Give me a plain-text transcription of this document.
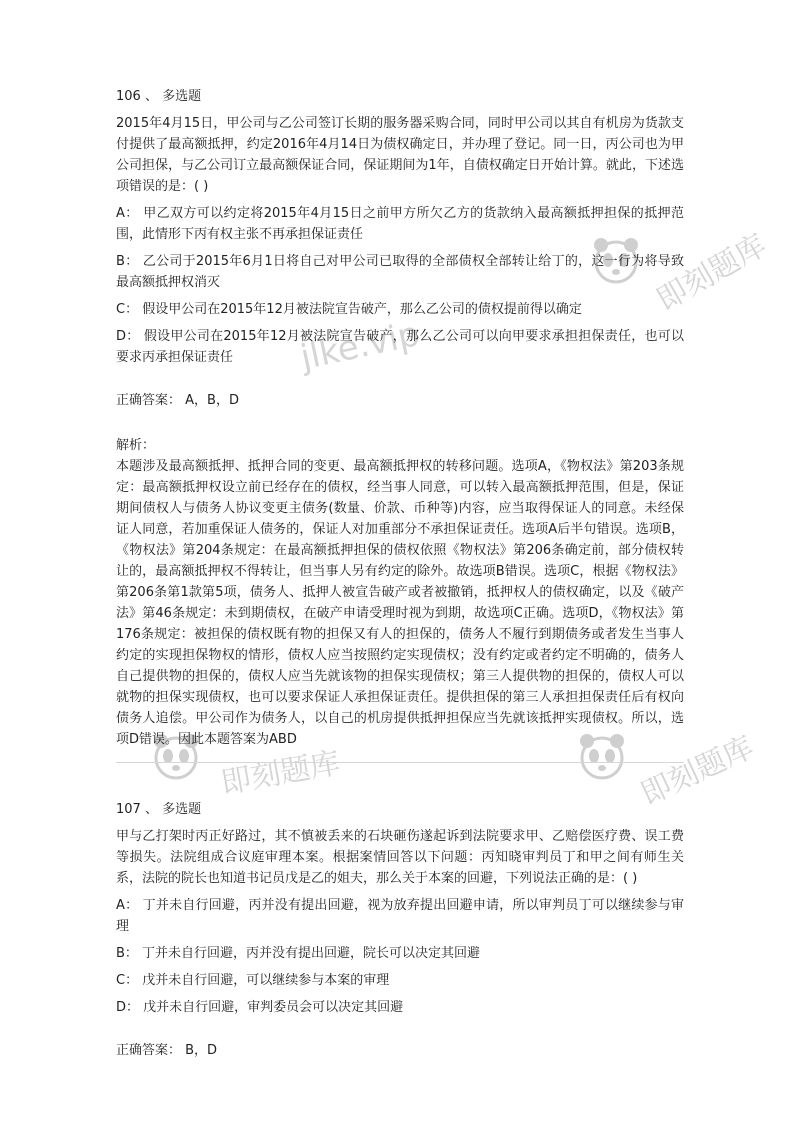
即刻题库
jlke.vip
即刻题库	即刻题库

106 、 多选题

2015年4月15日，甲公司与乙公司签订长期的服务器采购合同，同时甲公司以其自有机房为货款支付提供了最高额抵押，约定2016年4月14日为债权确定日，并办理了登记。同一日，丙公司也为甲公司担保，与乙公司订立最高额保证合同，保证期间为1年，自债权确定日开始计算。就此，下述选项错误的是：( )

A： 甲乙双方可以约定将2015年4月15日之前甲方所欠乙方的货款纳入最高额抵押担保的抵押范围，此情形下丙有权主张不再承担保证责任

B： 乙公司于2015年6月1日将自己对甲公司已取得的全部债权全部转让给丁的，这一行为将导致最高额抵押权消灭

C： 假设甲公司在2015年12月被法院宣告破产，那么乙公司的债权提前得以确定

D： 假设甲公司在2015年12月被法院宣告破产，那么乙公司可以向甲要求承担担保责任，也可以要求丙承担保证责任

正确答案： A，B，D

解析：

本题涉及最高额抵押、抵押合同的变更、最高额抵押权的转移问题。选项A，《物权法》第203条规定：最高额抵押权设立前已经存在的债权，经当事人同意，可以转入最高额抵押范围，但是，保证期间债权人与债务人协议变更主债务(数量、价款、币种等)内容，应当取得保证人的同意。未经保证人同意，若加重保证人债务的，保证人对加重部分不承担保证责任。选项A后半句错误。选项B，《物权法》第204条规定：在最高额抵押担保的债权依照《物权法》第206条确定前，部分债权转让的，最高额抵押权不得转让，但当事人另有约定的除外。故选项B错误。选项C，根据《物权法》第206条第1款第5项，债务人、抵押人被宣告破产或者被撤销，抵押权人的债权确定，以及《破产法》第46条规定：未到期债权，在破产申请受理时视为到期，故选项C正确。选项D，《物权法》第176条规定：被担保的债权既有物的担保又有人的担保的，债务人不履行到期债务或者发生当事人约定的实现担保物权的情形，债权人应当按照约定实现债权；没有约定或者约定不明确的，债务人自己提供物的担保的，债权人应当先就该物的担保实现债权；第三人提供物的担保的，债权人可以就物的担保实现债权，也可以要求保证人承担保证责任。提供担保的第三人承担担保责任后有权向债务人追偿。甲公司作为债务人，以自己的机房提供抵押担保应当先就该抵押实现债权。所以，选项D错误。因此本题答案为ABD

107 、 多选题

甲与乙打架时丙正好路过，其不慎被丢来的石块砸伤遂起诉到法院要求甲、乙赔偿医疗费、误工费等损失。法院组成合议庭审理本案。根据案情回答以下问题：丙知晓审判员丁和甲之间有师生关系，法院的院长也知道书记员戊是乙的姐夫，那么关于本案的回避，下列说法正确的是：( )

A： 丁并未自行回避，丙并没有提出回避，视为放弃提出回避申请，所以审判员丁可以继续参与审理

B： 丁并未自行回避，丙并没有提出回避，院长可以决定其回避

C： 戊并未自行回避，可以继续参与本案的审理

D： 戊并未自行回避，审判委员会可以决定其回避

正确答案： B，D
